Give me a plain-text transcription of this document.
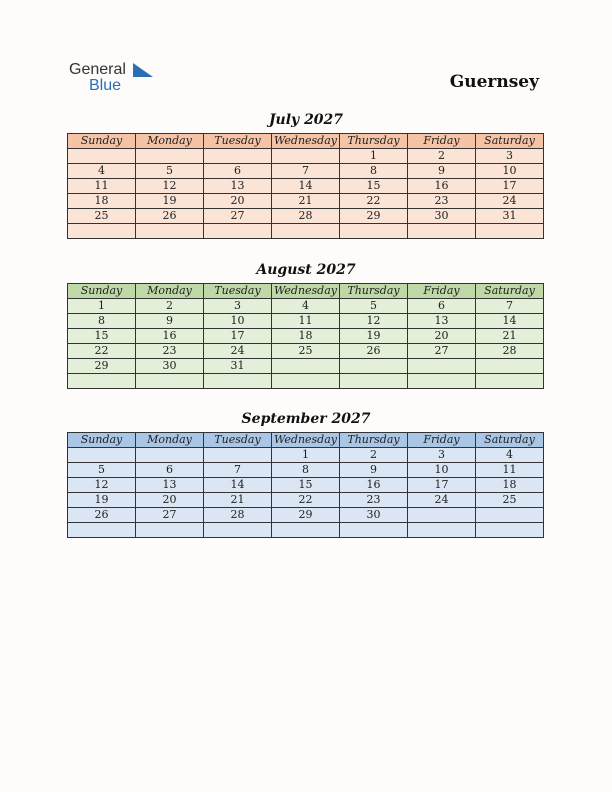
General
Blue	Guernsey
July 2027
Sunday	Monday	Tuesday	Wednesday	Thursday	Friday	Saturday
				1	2	3
4	5	6	7	8	9	10
11	12	13	14	15	16	17
18	19	20	21	22	23	24
25	26	27	28	29	30	31

August 2027
Sunday	Monday	Tuesday	Wednesday	Thursday	Friday	Saturday
1	2	3	4	5	6	7
8	9	10	11	12	13	14
15	16	17	18	19	20	21
22	23	24	25	26	27	28
29	30	31				

September 2027
Sunday	Monday	Tuesday	Wednesday	Thursday	Friday	Saturday
			1	2	3	4
5	6	7	8	9	10	11
12	13	14	15	16	17	18
19	20	21	22	23	24	25
26	27	28	29	30		
